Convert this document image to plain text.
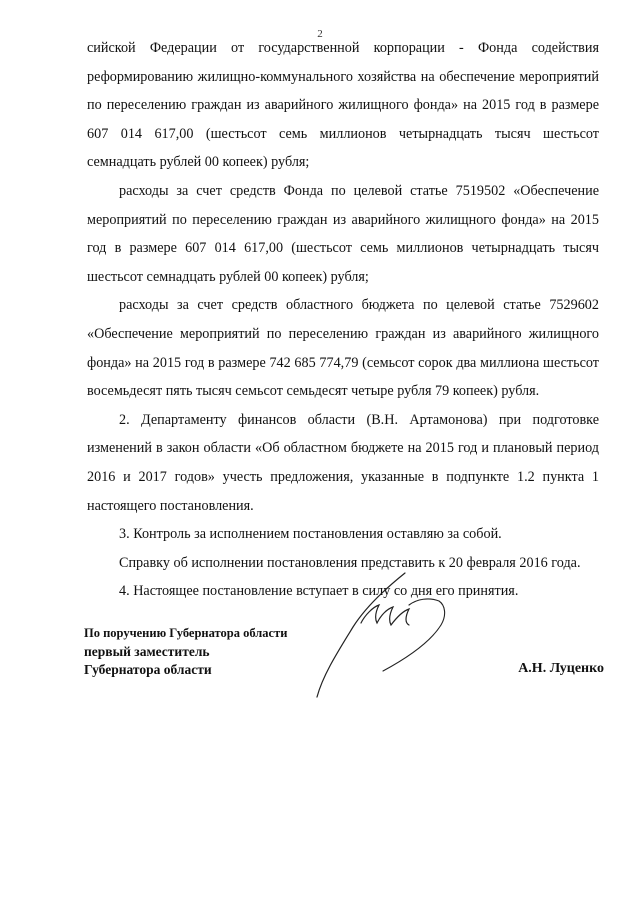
2

сийской Федерации от государственной корпорации - Фонда содействия реформированию жилищно-коммунального хозяйства на обеспечение мероприятий по переселению граждан из аварийного жилищного фонда» на 2015 год в размере 607 014 617,00 (шестьсот семь миллионов четырнадцать тысяч шестьсот семнадцать рублей 00 копеек) рубля;

расходы за счет средств Фонда по целевой статье 7519502 «Обеспечение мероприятий по переселению граждан из аварийного жилищного фонда» на 2015 год в размере 607 014 617,00 (шестьсот семь миллионов четырнадцать тысяч шестьсот семнадцать рублей 00 копеек) рубля;

расходы за счет средств областного бюджета по целевой статье 7529602 «Обеспечение мероприятий по переселению граждан из аварийного жилищного фонда» на 2015 год в размере 742 685 774,79 (семьсот сорок два миллиона шестьсот восемьдесят пять тысяч семьсот семьдесят четыре рубля 79 копеек) рубля.

2. Департаменту финансов области (В.Н. Артамонова) при подготовке изменений в закон области «Об областном бюджете на 2015 год и плановый период 2016 и 2017 годов» учесть предложения, указанные в подпункте 1.2 пункта 1 настоящего постановления.

3. Контроль за исполнением постановления оставляю за собой.

Справку об исполнении постановления представить к 20 февраля 2016 года.

4. Настоящее постановление вступает в силу со дня его принятия.

По поручению Губернатора области
первый заместитель
Губернатора области	А.Н. Луценко
